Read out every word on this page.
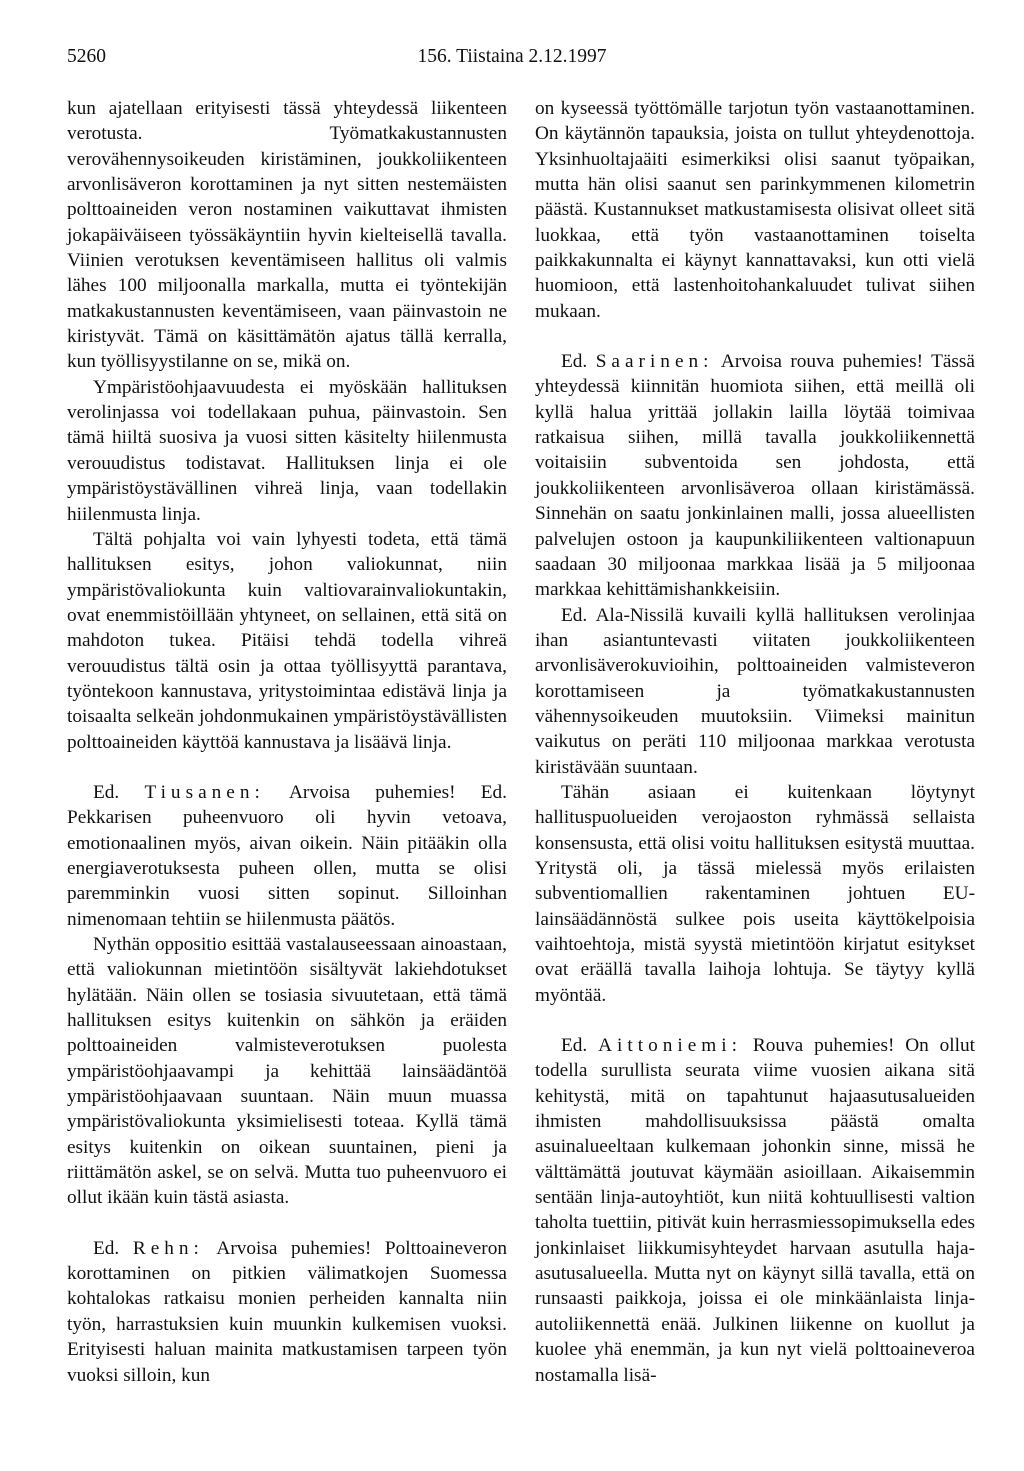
5260	156. Tiistaina 2.12.1997

kun ajatellaan erityisesti tässä yhteydessä liikenteen verotusta. Työmatkakustannusten verovähennysoikeuden kiristäminen, joukkoliikenteen arvonlisäveron korottaminen ja nyt sitten nestemäisten polttoaineiden veron nostaminen vaikuttavat ihmisten jokapäiväiseen työssäkäyntiin hyvin kielteisellä tavalla. Viinien verotuksen keventämiseen hallitus oli valmis lähes 100 miljoonalla markalla, mutta ei työntekijän matkakustannusten keventämiseen, vaan päinvastoin ne kiristyvät. Tämä on käsittämätön ajatus tällä kerralla, kun työllisyystilanne on se, mikä on.

Ympäristöohjaavuudesta ei myöskään hallituksen verolinjassa voi todellakaan puhua, päinvastoin. Sen tämä hiiltä suosiva ja vuosi sitten käsitelty hiilenmusta verouudistus todistavat. Hallituksen linja ei ole ympäristöystävällinen vihreä linja, vaan todellakin hiilenmusta linja.

Tältä pohjalta voi vain lyhyesti todeta, että tämä hallituksen esitys, johon valiokunnat, niin ympäristövaliokunta kuin valtiovarainvaliokuntakin, ovat enemmistöillään yhtyneet, on sellainen, että sitä on mahdoton tukea. Pitäisi tehdä todella vihreä verouudistus tältä osin ja ottaa työllisyyttä parantava, työntekoon kannustava, yritystoimintaa edistävä linja ja toisaalta selkeän johdonmukainen ympäristöystävällisten polttoaineiden käyttöä kannustava ja lisäävä linja.

Ed. Tiusanen: Arvoisa puhemies! Ed. Pekkarisen puheenvuoro oli hyvin vetoava, emotionaalinen myös, aivan oikein. Näin pitääkin olla energiaverotuksesta puheen ollen, mutta se olisi paremminkin vuosi sitten sopinut. Silloinhan nimenomaan tehtiin se hiilenmusta päätös.

Nythän oppositio esittää vastalauseessaan ainoastaan, että valiokunnan mietintöön sisältyvät lakiehdotukset hylätään. Näin ollen se tosiasia sivuutetaan, että tämä hallituksen esitys kuitenkin on sähkön ja eräiden polttoaineiden valmisteverotuksen puolesta ympäristöohjaavampi ja kehittää lainsäädäntöä ympäristöohjaavaan suuntaan. Näin muun muassa ympäristövaliokunta yksimielisesti toteaa. Kyllä tämä esitys kuitenkin on oikean suuntainen, pieni ja riittämätön askel, se on selvä. Mutta tuo puheenvuoro ei ollut ikään kuin tästä asiasta.

Ed. Rehn: Arvoisa puhemies! Polttoaineveron korottaminen on pitkien välimatkojen Suomessa kohtalokas ratkaisu monien perheiden kannalta niin työn, harrastuksien kuin muunkin kulkemisen vuoksi. Erityisesti haluan mainita matkustamisen tarpeen työn vuoksi silloin, kun

on kyseessä työttömälle tarjotun työn vastaanottaminen. On käytännön tapauksia, joista on tullut yhteydenottoja. Yksinhuoltajaäiti esimerkiksi olisi saanut työpaikan, mutta hän olisi saanut sen parinkymmenen kilometrin päästä. Kustannukset matkustamisesta olisivat olleet sitä luokkaa, että työn vastaanottaminen toiselta paikkakunnalta ei käynyt kannattavaksi, kun otti vielä huomioon, että lastenhoitohankaluudet tulivat siihen mukaan.

Ed. Saarinen: Arvoisa rouva puhemies! Tässä yhteydessä kiinnitän huomiota siihen, että meillä oli kyllä halua yrittää jollakin lailla löytää toimivaa ratkaisua siihen, millä tavalla joukkoliikennettä voitaisiin subventoida sen johdosta, että joukkoliikenteen arvonlisäveroa ollaan kiristämässä. Sinnehän on saatu jonkinlainen malli, jossa alueellisten palvelujen ostoon ja kaupunkiliikenteen valtionapuun saadaan 30 miljoonaa markkaa lisää ja 5 miljoonaa markkaa kehittämishankkeisiin.

Ed. Ala-Nissilä kuvaili kyllä hallituksen verolinjaa ihan asiantuntevasti viitaten joukkoliikenteen arvonlisäverokuvioihin, polttoaineiden valmisteveron korottamiseen ja työmatkakustannusten vähennysoikeuden muutoksiin. Viimeksi mainitun vaikutus on peräti 110 miljoonaa markkaa verotusta kiristävään suuntaan.

Tähän asiaan ei kuitenkaan löytynyt hallituspuolueiden verojaoston ryhmässä sellaista konsensusta, että olisi voitu hallituksen esitystä muuttaa. Yritystä oli, ja tässä mielessä myös erilaisten subventiomallien rakentaminen johtuen EU-lainsäädännöstä sulkee pois useita käyttökelpoisia vaihtoehtoja, mistä syystä mietintöön kirjatut esitykset ovat eräällä tavalla laihoja lohtuja. Se täytyy kyllä myöntää.

Ed. Aittoniemi: Rouva puhemies! On ollut todella surullista seurata viime vuosien aikana sitä kehitystä, mitä on tapahtunut hajaasutusalueiden ihmisten mahdollisuuksissa päästä omalta asuinalueeltaan kulkemaan johonkin sinne, missä he välttämättä joutuvat käymään asioillaan. Aikaisemmin sentään linja-autoyhtiöt, kun niitä kohtuullisesti valtion taholta tuettiin, pitivät kuin herrasmiessopimuksella edes jonkinlaiset liikkumisyhteydet harvaan asutulla haja-asutusalueella. Mutta nyt on käynyt sillä tavalla, että on runsaasti paikkoja, joissa ei ole minkäänlaista linja-autoliikennettä enää. Julkinen liikenne on kuollut ja kuolee yhä enemmän, ja kun nyt vielä polttoaineveroa nostamalla lisä-
